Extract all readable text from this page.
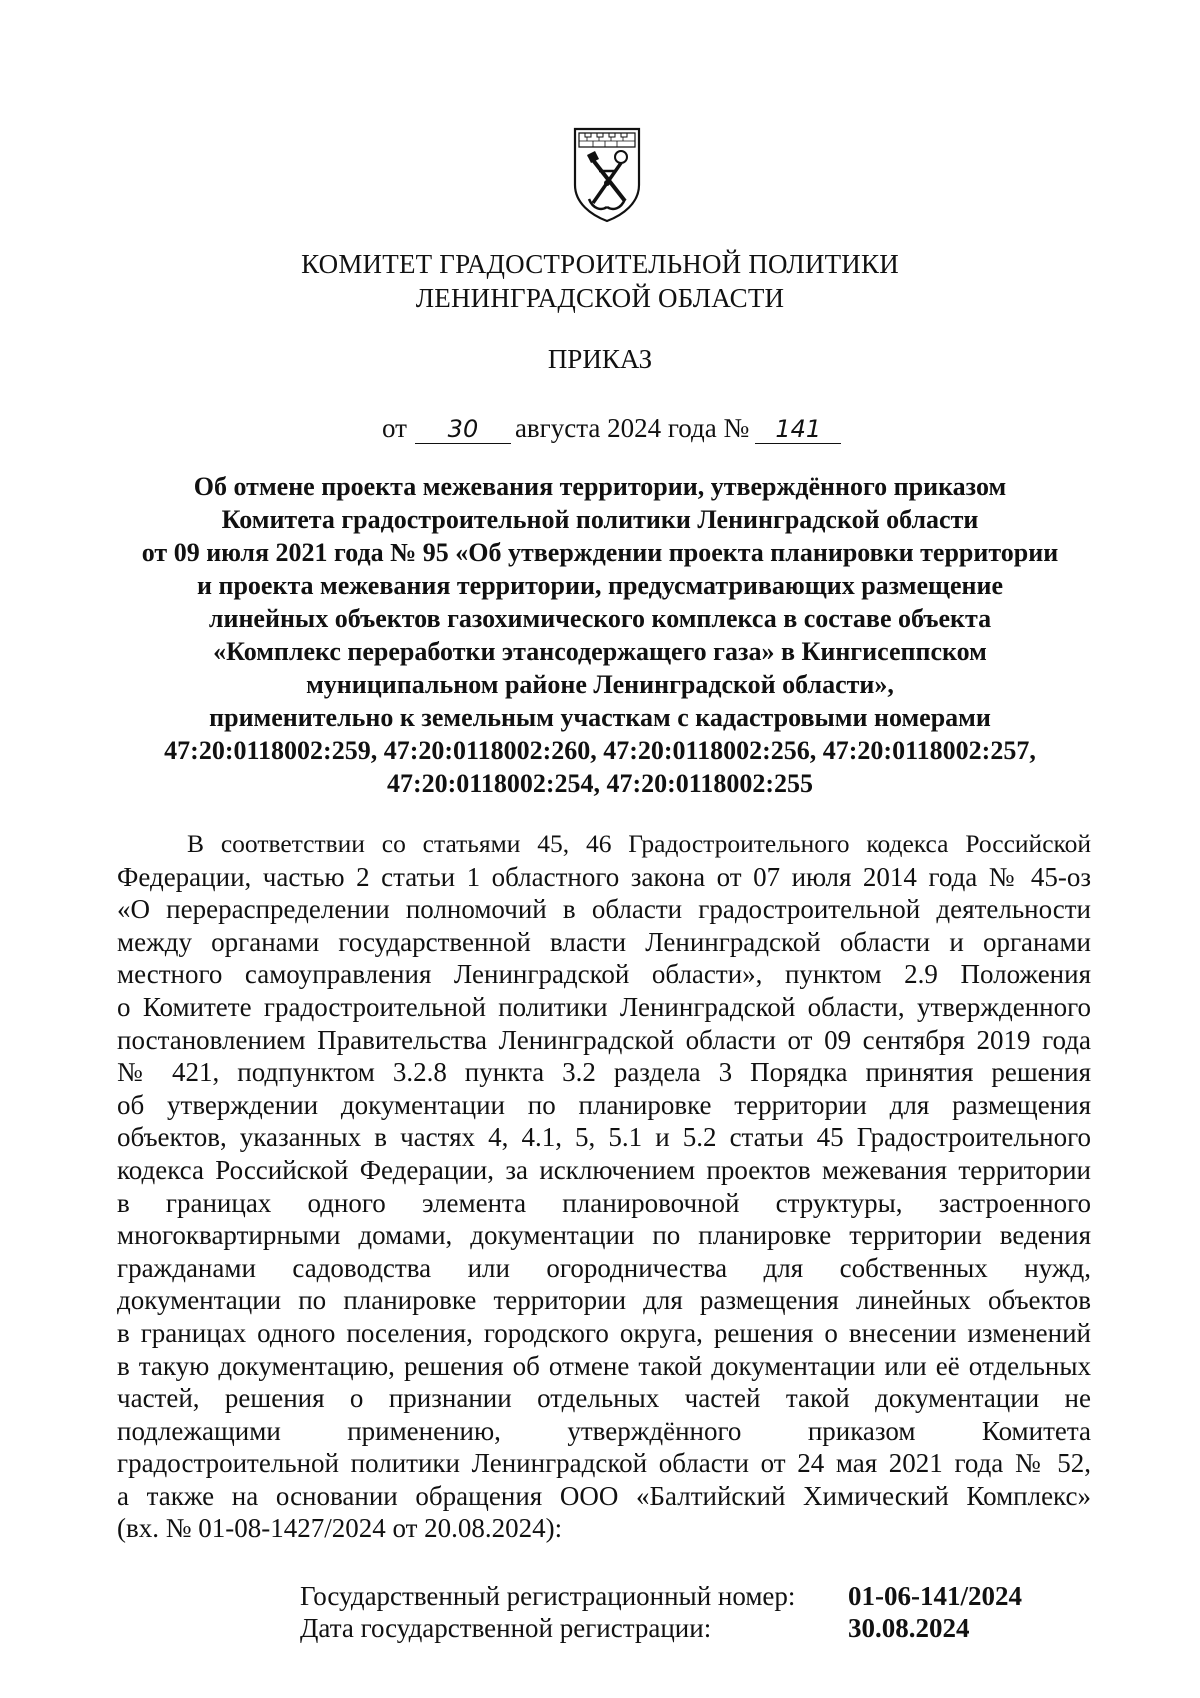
КОМИТЕТ ГРАДОСТРОИТЕЛЬНОЙ ПОЛИТИКИ
ЛЕНИНГРАДСКОЙ ОБЛАСТИ
ПРИКАЗ
от 30 августа 2024 года № 141
Об отмене проекта межевания территории, утверждённого приказом
Комитета градостроительной политики Ленинградской области
от 09 июля 2021 года № 95 «Об утверждении проекта планировки территории
и проекта межевания территории, предусматривающих размещение
линейных объектов газохимического комплекса в составе объекта
«Комплекс переработки этансодержащего газа» в Кингисеппском
муниципальном районе Ленинградской области»,
применительно к земельным участкам с кадастровыми номерами
47:20:0118002:259, 47:20:0118002:260, 47:20:0118002:256, 47:20:0118002:257,
47:20:0118002:254, 47:20:0118002:255
В соответствии со статьями 45, 46 Градостроительного кодекса Российской
Федерации, частью 2 статьи 1 областного закона от 07 июля 2014 года № 45-оз
«О перераспределении полномочий в области градостроительной деятельности
между органами государственной власти Ленинградской области и органами
местного самоуправления Ленинградской области», пунктом 2.9 Положения
о Комитете градостроительной политики Ленинградской области, утвержденного
постановлением Правительства Ленинградской области от 09 сентября 2019 года
№ 421, подпунктом 3.2.8 пункта 3.2 раздела 3 Порядка принятия решения
об утверждении документации по планировке территории для размещения
объектов, указанных в частях 4, 4.1, 5, 5.1 и 5.2 статьи 45 Градостроительного
кодекса Российской Федерации, за исключением проектов межевания территории
в границах одного элемента планировочной структуры, застроенного
многоквартирными домами, документации по планировке территории ведения
гражданами садоводства или огородничества для собственных нужд,
документации по планировке территории для размещения линейных объектов
в границах одного поселения, городского округа, решения о внесении изменений
в такую документацию, решения об отмене такой документации или её отдельных
частей, решения о признании отдельных частей такой документации не
подлежащими применению, утверждённого приказом Комитета
градостроительной политики Ленинградской области от 24 мая 2021 года № 52,
а также на основании обращения ООО «Балтийский Химический Комплекс»
(вх. № 01-08-1427/2024 от 20.08.2024):
Государственный регистрационный номер:	01-06-141/2024
Дата государственной регистрации:	30.08.2024
